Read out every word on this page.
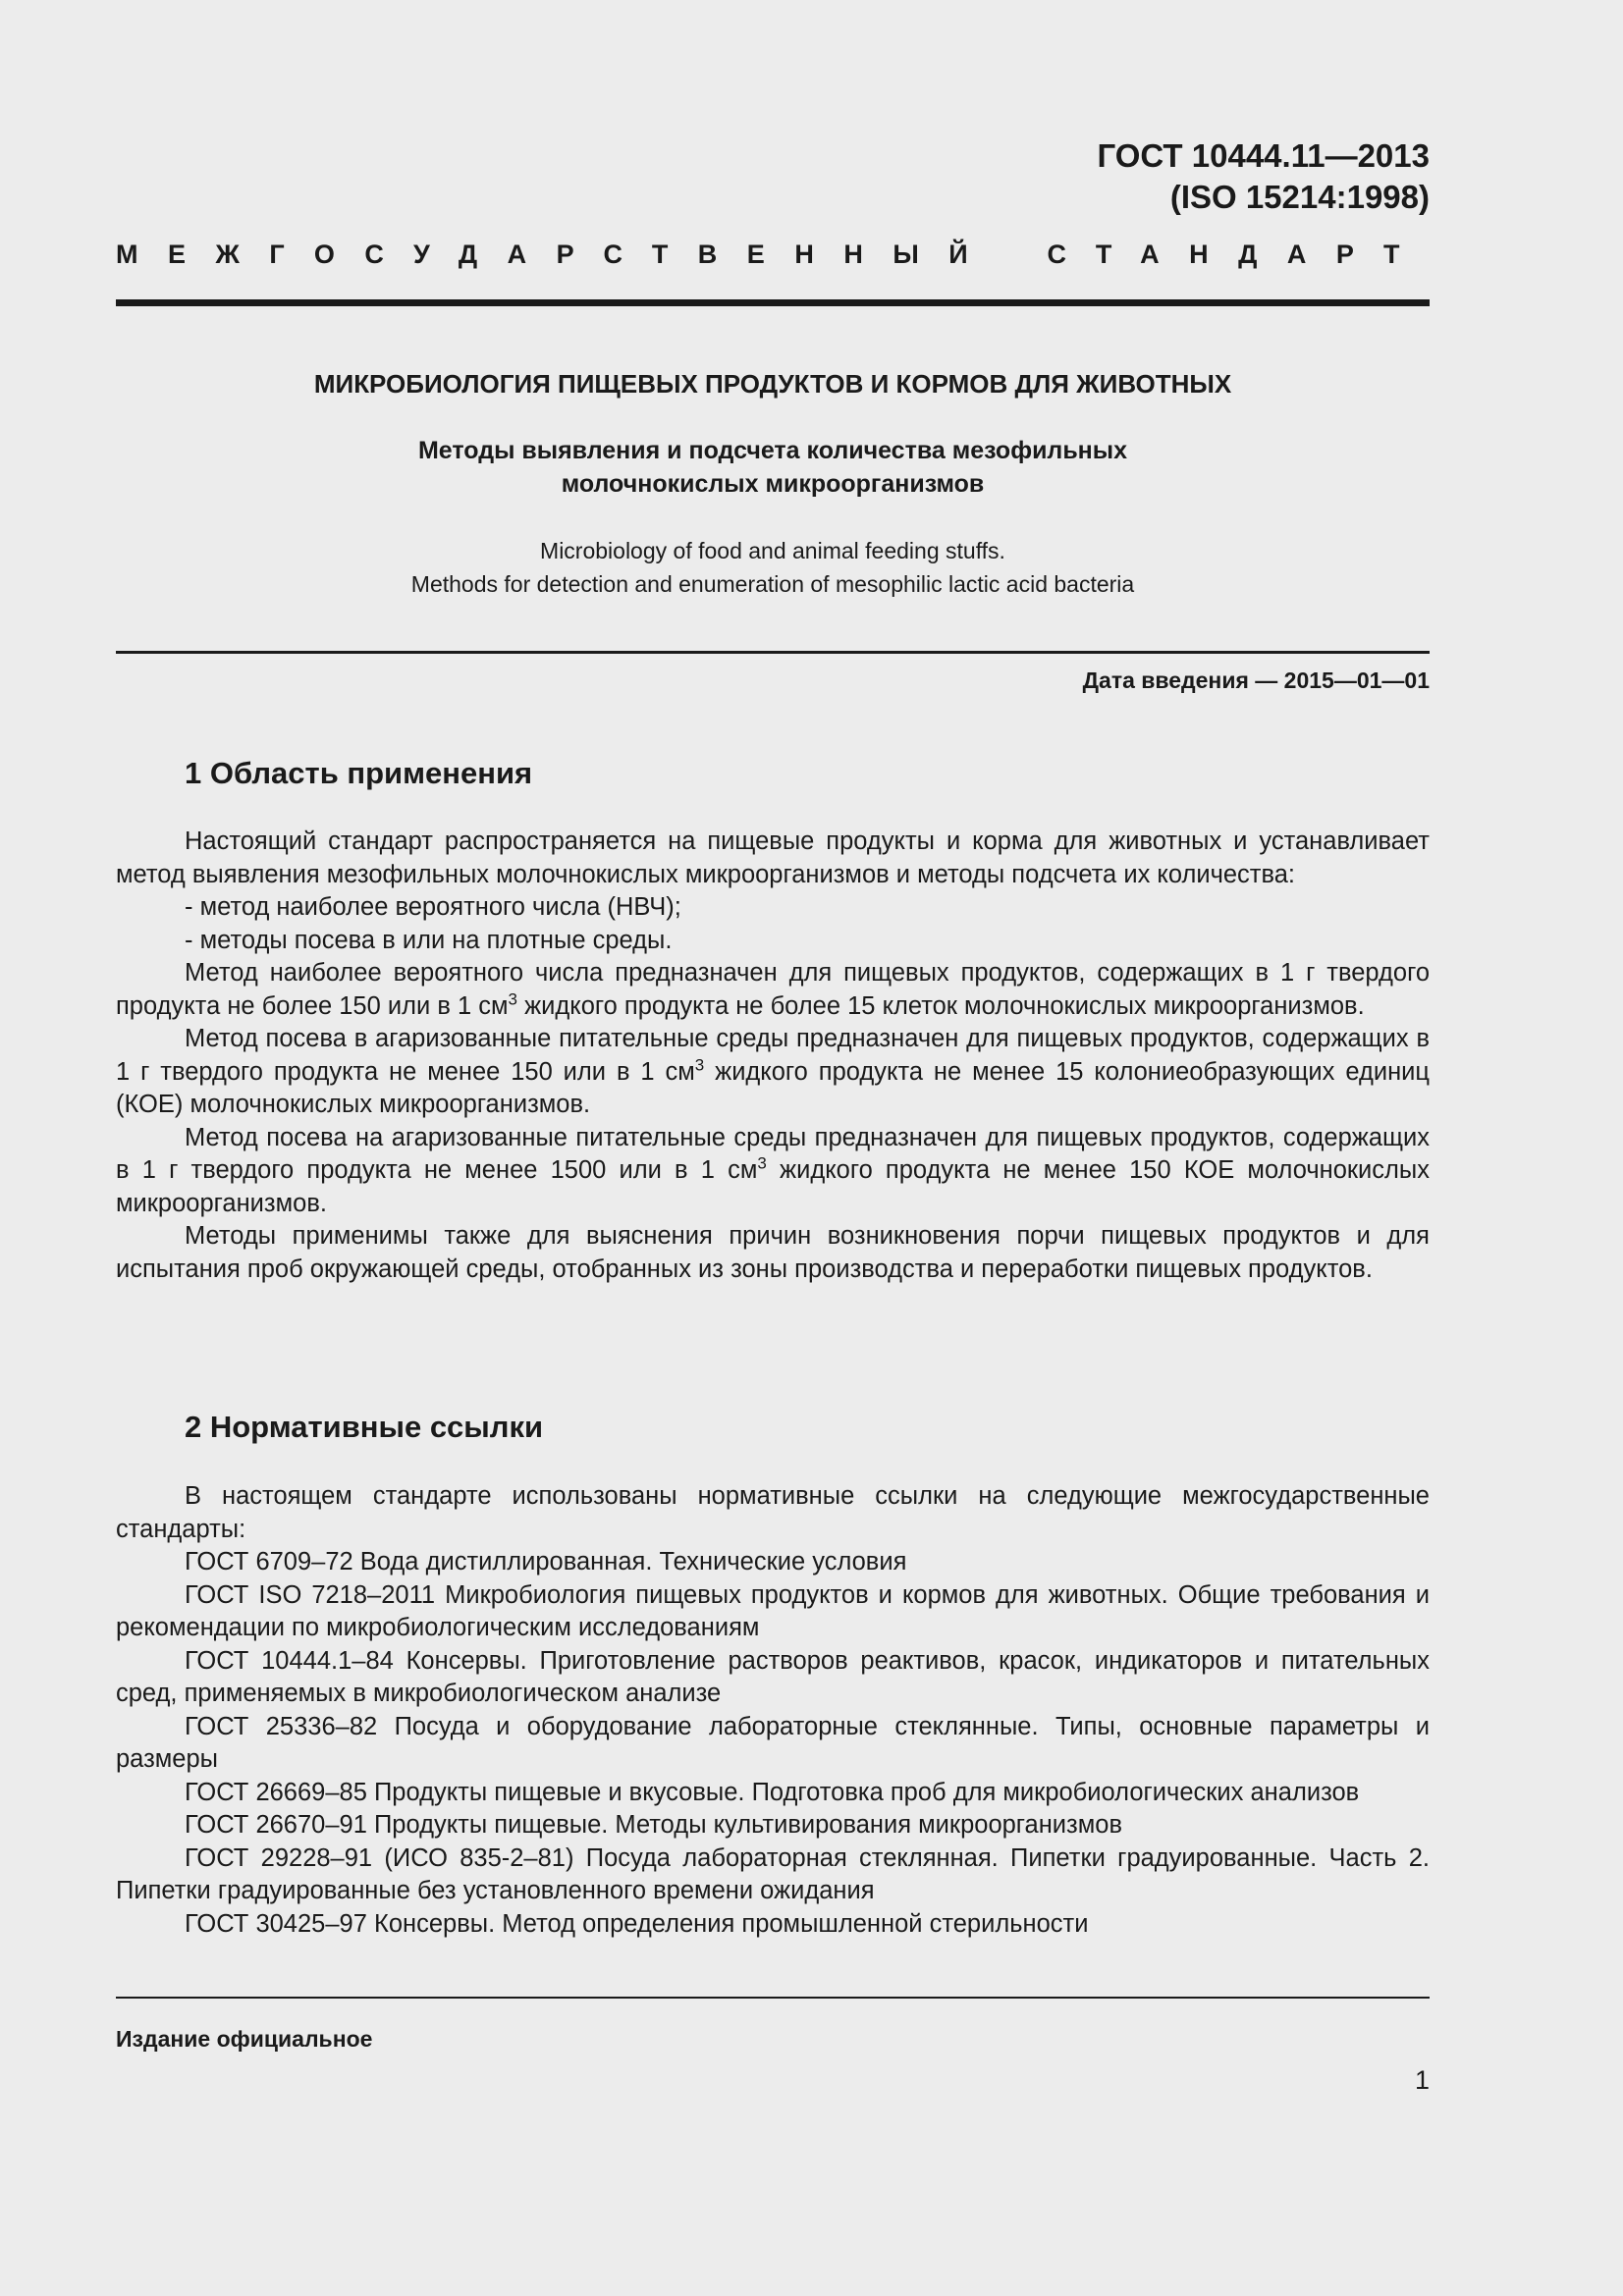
ГОСТ 10444.11—2013
(ISO 15214:1998)
МЕЖГОСУДАРСТВЕННЫЙ СТАНДАРТ
МИКРОБИОЛОГИЯ ПИЩЕВЫХ ПРОДУКТОВ И КОРМОВ ДЛЯ ЖИВОТНЫХ
Методы выявления и подсчета количества мезофильных
молочнокислых микроорганизмов
Microbiology of food and animal feeding stuffs.
Methods for detection and enumeration of mesophilic lactic acid bacteria
Дата введения — 2015—01—01
1 Область применения

Настоящий стандарт распространяется на пищевые продукты и корма для животных и устанавливает метод выявления мезофильных молочнокислых микроорганизмов и методы подсчета их количества:

- метод наиболее вероятного числа (НВЧ);

- методы посева в или на плотные среды.

Метод наиболее вероятного числа предназначен для пищевых продуктов, содержащих в 1 г твердого продукта не более 150 или в 1 $см^3$ жидкого продукта не более 15 клеток молочнокислых микроорганизмов.

Метод посева в агаризованные питательные среды предназначен для пищевых продуктов, содержащих в 1 г твердого продукта не менее 150 или в 1 $см^3$ жидкого продукта не менее 15 колониеобразующих единиц (КОЕ) молочнокислых микроорганизмов.

Метод посева на агаризованные питательные среды предназначен для пищевых продуктов, содержащих в 1 г твердого продукта не менее 1500 или в 1 $см^3$ жидкого продукта не менее 150 КОЕ молочнокислых микроорганизмов.

Методы применимы также для выяснения причин возникновения порчи пищевых продуктов и для испытания проб окружающей среды, отобранных из зоны производства и переработки пищевых продуктов.

2 Нормативные ссылки

В настоящем стандарте использованы нормативные ссылки на следующие межгосударственные стандарты:

ГОСТ 6709–72 Вода дистиллированная. Технические условия

ГОСТ ISO 7218–2011 Микробиология пищевых продуктов и кормов для животных. Общие требования и рекомендации по микробиологическим исследованиям

ГОСТ 10444.1–84 Консервы. Приготовление растворов реактивов, красок, индикаторов и питательных сред, применяемых в микробиологическом анализе

ГОСТ 25336–82 Посуда и оборудование лабораторные стеклянные. Типы, основные параметры и размеры

ГОСТ 26669–85 Продукты пищевые и вкусовые. Подготовка проб для микробиологических анализов

ГОСТ 26670–91 Продукты пищевые. Методы культивирования микроорганизмов

ГОСТ 29228–91 (ИСО 835-2–81) Посуда лабораторная стеклянная. Пипетки градуированные. Часть 2. Пипетки градуированные без установленного времени ожидания

ГОСТ 30425–97 Консервы. Метод определения промышленной стерильности

Издание официальное
1
